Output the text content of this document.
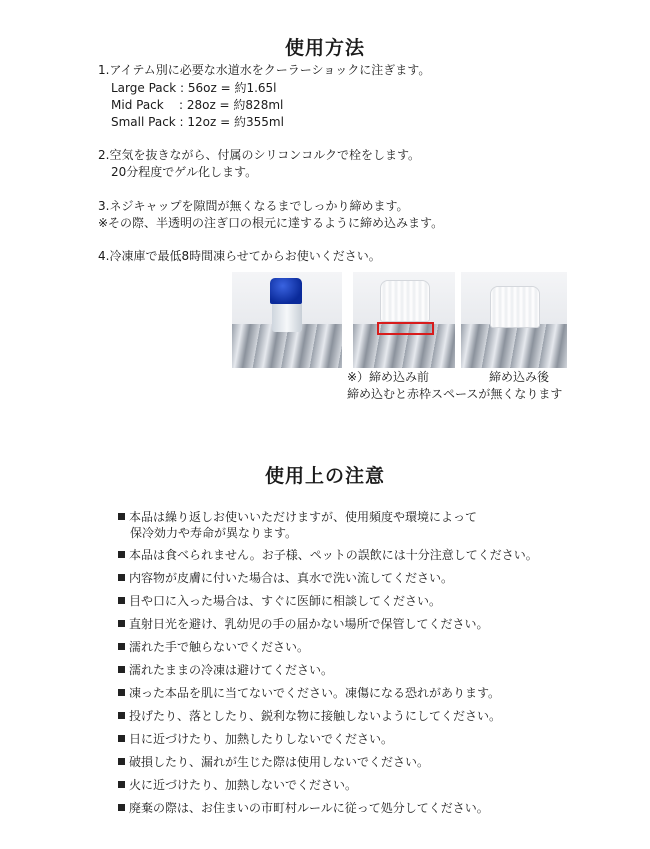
使用方法
1.アイテム別に必要な水道水をクーラーショックに注ぎます。
Large Pack : 56oz = 約1.65l
Mid Pack    : 28oz = 約828ml
Small Pack : 12oz = 約355ml
2.空気を抜きながら、付属のシリコンコルクで栓をします。
20分程度でゲル化します。
3.ネジキャップを隙間が無くなるまでしっかり締めます。
※その際、半透明の注ぎ口の根元に達するように締め込みます。
4.冷凍庫で最低8時間凍らせてからお使いください。
※）締め込み前	締め込み後
締め込むと赤枠スペースが無くなります
使用上の注意
本品は繰り返しお使いいただけますが、使用頻度や環境によって
保冷効力や寿命が異なります。
本品は食べられません。お子様、ペットの誤飲には十分注意してください。
内容物が皮膚に付いた場合は、真水で洗い流してください。
目や口に入った場合は、すぐに医師に相談してください。
直射日光を避け、乳幼児の手の届かない場所で保管してください。
濡れた手で触らないでください。
濡れたままの冷凍は避けてください。
凍った本品を肌に当てないでください。凍傷になる恐れがあります。
投げたり、落としたり、鋭利な物に接触しないようにしてください。
日に近づけたり、加熱したりしないでください。
破損したり、漏れが生じた際は使用しないでください。
火に近づけたり、加熱しないでください。
廃棄の際は、お住まいの市町村ルールに従って処分してください。
